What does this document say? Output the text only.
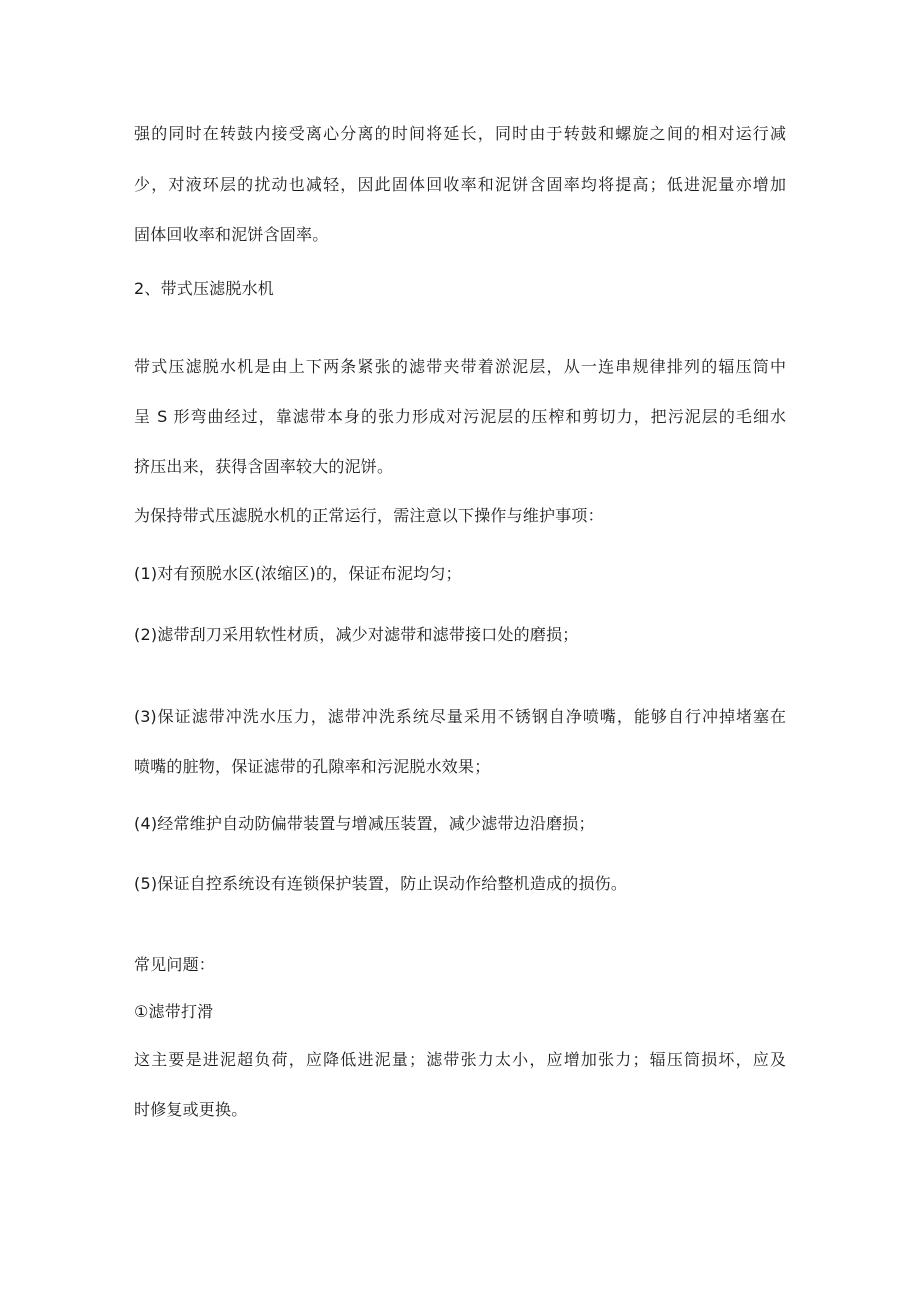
强的同时在转鼓内接受离心分离的时间将延长，同时由于转鼓和螺旋之间的相对运行减

少，对液环层的扰动也减轻，因此固体回收率和泥饼含固率均将提高；低进泥量亦增加

固体回收率和泥饼含固率。

2、带式压滤脱水机

带式压滤脱水机是由上下两条紧张的滤带夹带着淤泥层，从一连串规律排列的辐压筒中

呈 S 形弯曲经过，靠滤带本身的张力形成对污泥层的压榨和剪切力，把污泥层的毛细水

挤压出来，获得含固率较大的泥饼。

为保持带式压滤脱水机的正常运行，需注意以下操作与维护事项：

(1)对有预脱水区(浓缩区)的，保证布泥均匀；

(2)滤带刮刀采用软性材质，减少对滤带和滤带接口处的磨损；

(3)保证滤带冲洗水压力，滤带冲洗系统尽量采用不锈钢自净喷嘴，能够自行冲掉堵塞在

喷嘴的脏物，保证滤带的孔隙率和污泥脱水效果；

(4)经常维护自动防偏带装置与增减压装置，减少滤带边沿磨损；

(5)保证自控系统设有连锁保护装置，防止误动作给整机造成的损伤。

常见问题：

①滤带打滑

这主要是进泥超负荷，应降低进泥量；滤带张力太小，应增加张力；辐压筒损坏，应及

时修复或更换。
